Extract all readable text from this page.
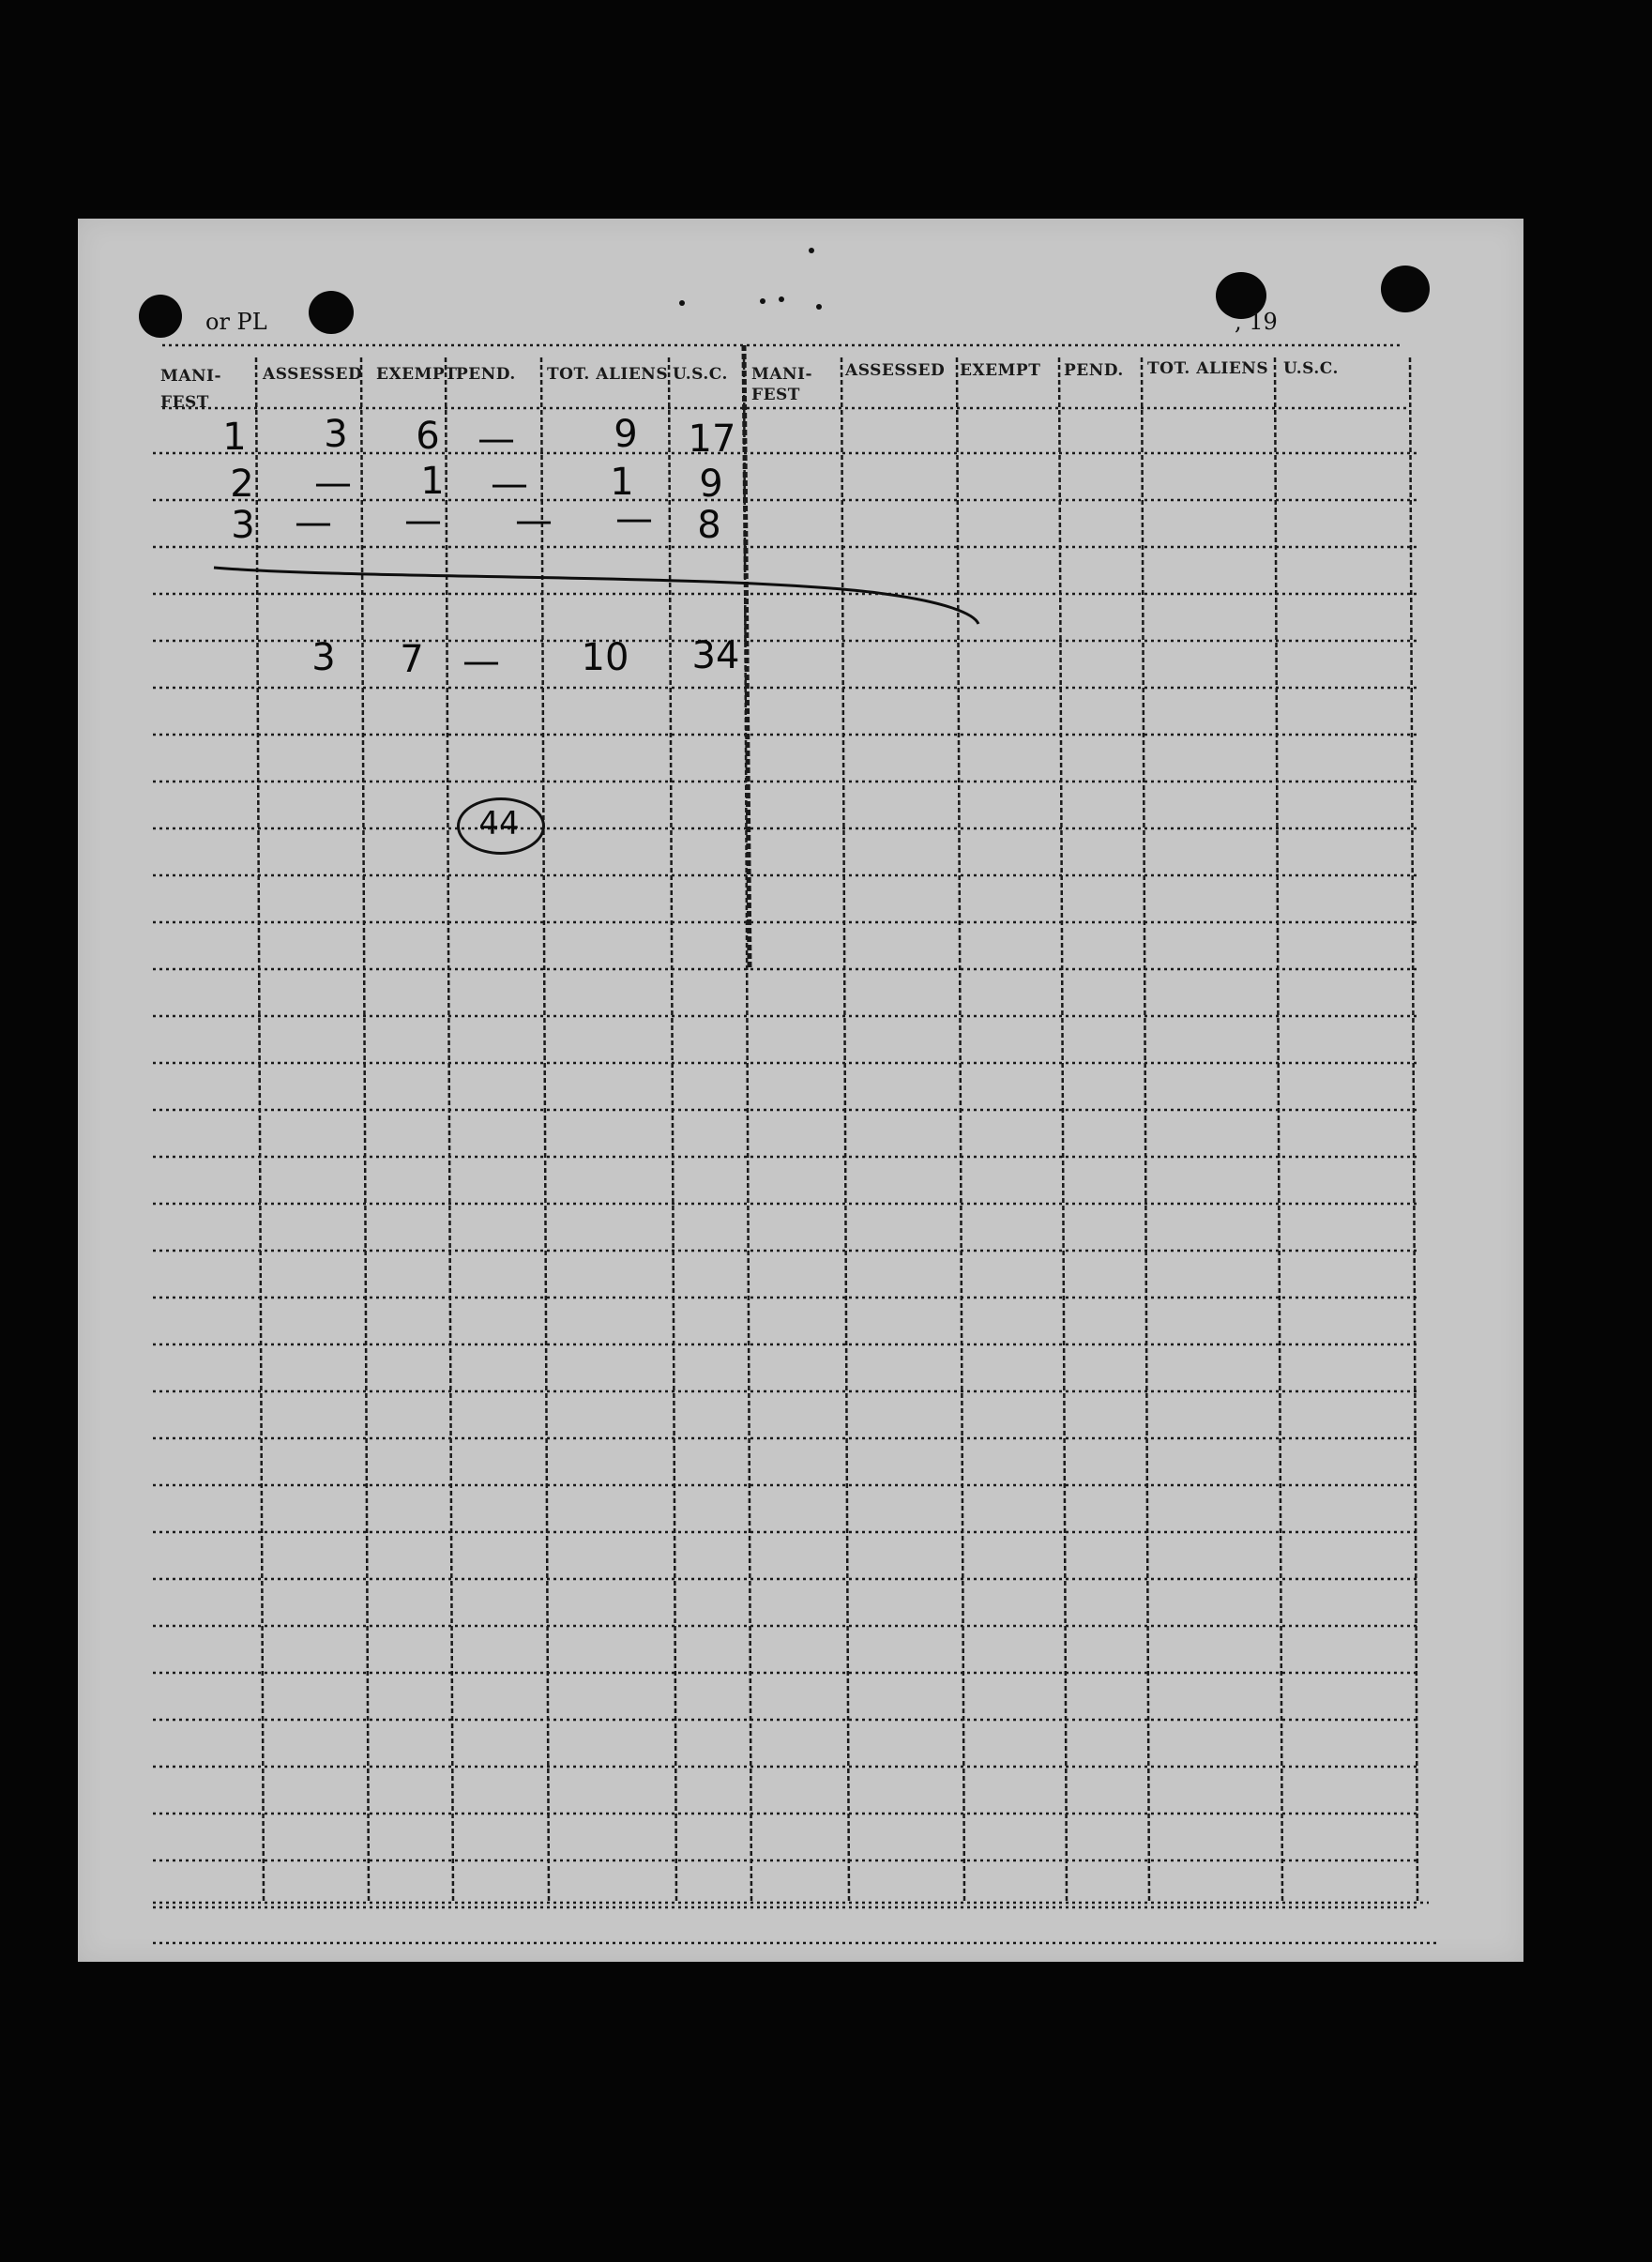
or PL	, 19
MANI-
FEST
ASSESSED EXEMPT
PEND. TOT. ALIENS U.S.C. MANI-
FEST
ASSESSED EXEMPT PEND. TOT. ALIENS U.S.C.
1 3 6 —	9 17
2 — 1 — 1 9
3 — — — — 8
3 7 — 10 34
44
